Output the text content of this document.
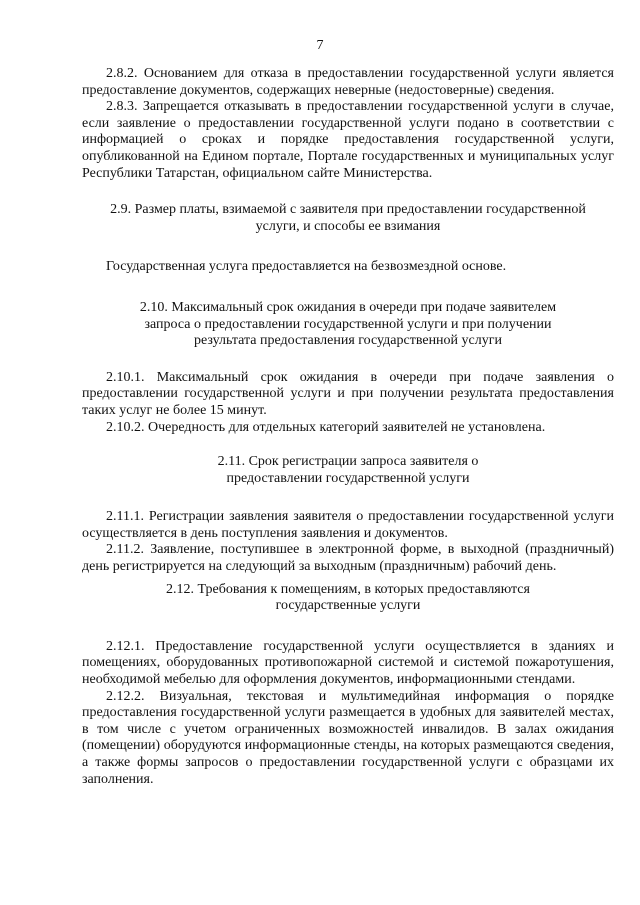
7

2.8.2. Основанием для отказа в предоставлении государственной услуги является предоставление документов, содержащих неверные (недостоверные) сведения.

2.8.3. Запрещается отказывать в предоставлении государственной услуги в случае, если заявление о предоставлении государственной услуги подано в соответствии с информацией о сроках и порядке предоставления государственной услуги, опубликованной на Едином портале, Портале государственных и муниципальных услуг Республики Татарстан, официальном сайте Министерства.

2.9. Размер платы, взимаемой с заявителя при предоставлении государственной

услуги, и способы ее взимания

Государственная услуга предоставляется на безвозмездной основе.

2.10. Максимальный срок ожидания в очереди при подаче заявителем

запроса о предоставлении государственной услуги и при получении

результата предоставления государственной услуги

2.10.1. Максимальный срок ожидания в очереди при подаче заявления о предоставлении государственной услуги и при получении результата предоставления таких услуг не более 15 минут.

2.10.2. Очередность для отдельных категорий заявителей не установлена.

2.11. Срок регистрации запроса заявителя о

предоставлении государственной услуги

2.11.1. Регистрации заявления заявителя о предоставлении государственной услуги осуществляется в день поступления заявления и документов.

2.11.2. Заявление, поступившее в электронной форме, в выходной (праздничный) день регистрируется на следующий за выходным (праздничным) рабочий день.

2.12. Требования к помещениям, в которых предоставляются

государственные услуги

2.12.1. Предоставление государственной услуги осуществляется в зданиях и помещениях, оборудованных противопожарной системой и системой пожаротушения, необходимой мебелью для оформления документов, информационными стендами.

2.12.2. Визуальная, текстовая и мультимедийная информация о порядке предоставления государственной услуги размещается в удобных для заявителей местах, в том числе с учетом ограниченных возможностей инвалидов. В залах ожидания (помещении) оборудуются информационные стенды, на которых размещаются сведения, а также формы запросов о предоставлении государственной услуги с образцами их заполнения.
